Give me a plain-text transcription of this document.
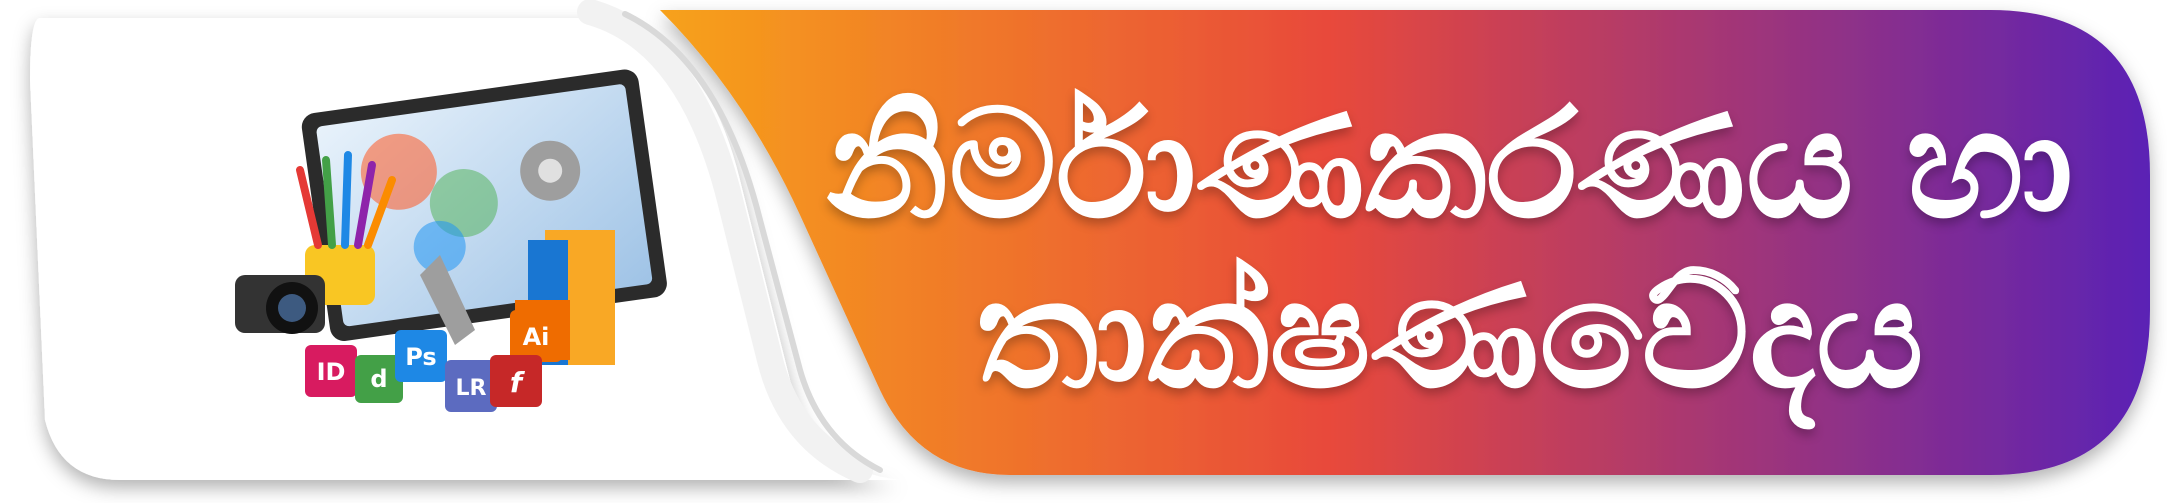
ID d
Ps
LR
Ai
f
නිර්මාණකරණය හා
තාක්ෂණවේදය
